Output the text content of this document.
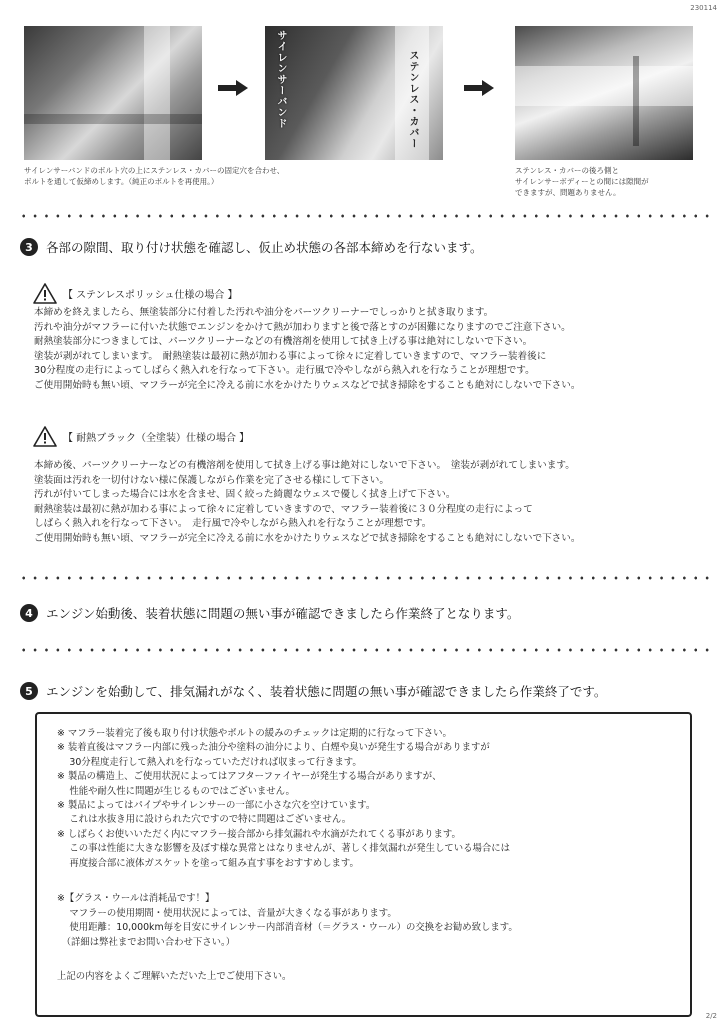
230114
サイレンサーバンド	ステンレス・カバー
サイレンサーバンドのボルト穴の上にステンレス・カバーの固定穴を合わせ、
ボルトを通して仮締めします。（純正のボルトを再使用。）
ステンレス・カバーの後ろ側と
サイレンサーボディーとの間には隙間が
できますが、問題ありません。
3	各部の隙間、取り付け状態を確認し、仮止め状態の各部本締めを行ないます。
【 ステンレスポリッシュ仕様の場合 】
本締めを終えましたら、無塗装部分に付着した汚れや油分をパーツクリーナーでしっかりと拭き取ります。
汚れや油分がマフラーに付いた状態でエンジンをかけて熱が加わりますと後で落とすのが困難になりますのでご注意下さい。
耐熱塗装部分につきましては、パーツクリーナーなどの有機溶剤を使用して拭き上げる事は絶対にしないで下さい。
塗装が剥がれてしまいます。　耐熱塗装は最初に熱が加わる事によって徐々に定着していきますので、マフラー装着後に
30分程度の走行によってしばらく熱入れを行なって下さい。走行風で冷やしながら熱入れを行なうことが理想です。
ご使用開始時も無い頃、マフラーが完全に冷える前に水をかけたりウェスなどで拭き掃除をすることも絶対にしないで下さい。
【 耐熱ブラック（全塗装）仕様の場合 】
本締め後、パーツクリーナーなどの有機溶剤を使用して拭き上げる事は絶対にしないで下さい。　塗装が剥がれてしまいます。
塗装面は汚れを一切付けない様に保護しながら作業を完了させる様にして下さい。
汚れが付いてしまった場合には水を含ませ、固く絞った綺麗なウェスで優しく拭き上げて下さい。
耐熱塗装は最初に熱が加わる事によって徐々に定着していきますので、マフラー装着後に３０分程度の走行によって
しばらく熱入れを行なって下さい。　走行風で冷やしながら熱入れを行なうことが理想です。
ご使用開始時も無い頃、マフラーが完全に冷える前に水をかけたりウェスなどで拭き掃除をすることも絶対にしないで下さい。
4	エンジン始動後、装着状態に問題の無い事が確認できましたら作業終了となります。
5	エンジンを始動して、排気漏れがなく、装着状態に問題の無い事が確認できましたら作業終了です。
※ マフラー装着完了後も取り付け状態やボルトの緩みのチェックは定期的に行なって下さい。
※ 装着直後はマフラー内部に残った油分や塗料の油分により、白煙や臭いが発生する場合がありますが
　 30分程度走行して熱入れを行なっていただければ収まって行きます。
※ 製品の構造上、ご使用状況によってはアフターファイヤーが発生する場合がありますが、
　 性能や耐久性に問題が生じるものではございません。
※ 製品によってはパイプやサイレンサーの一部に小さな穴を空けています。
　 これは水抜き用に設けられた穴ですので特に問題はございません。
※ しばらくお使いいただく内にマフラー接合部から排気漏れや水滴がたれてくる事があります。
　 この事は性能に大きな影響を及ぼす様な異常とはなりませんが、著しく排気漏れが発生している場合には
　 再度接合部に液体ガスケットを塗って組み直す事をおすすめします。
※【グラス・ウールは消耗品です！】
　 マフラーの使用期間・使用状況によっては、音量が大きくなる事があります。
　 使用距離：10,000km毎を目安にサイレンサー内部消音材（＝グラス・ウール）の交換をお勧め致します。
　（詳細は弊社までお問い合わせ下さい。）
上記の内容をよくご理解いただいた上でご使用下さい。
2/2
